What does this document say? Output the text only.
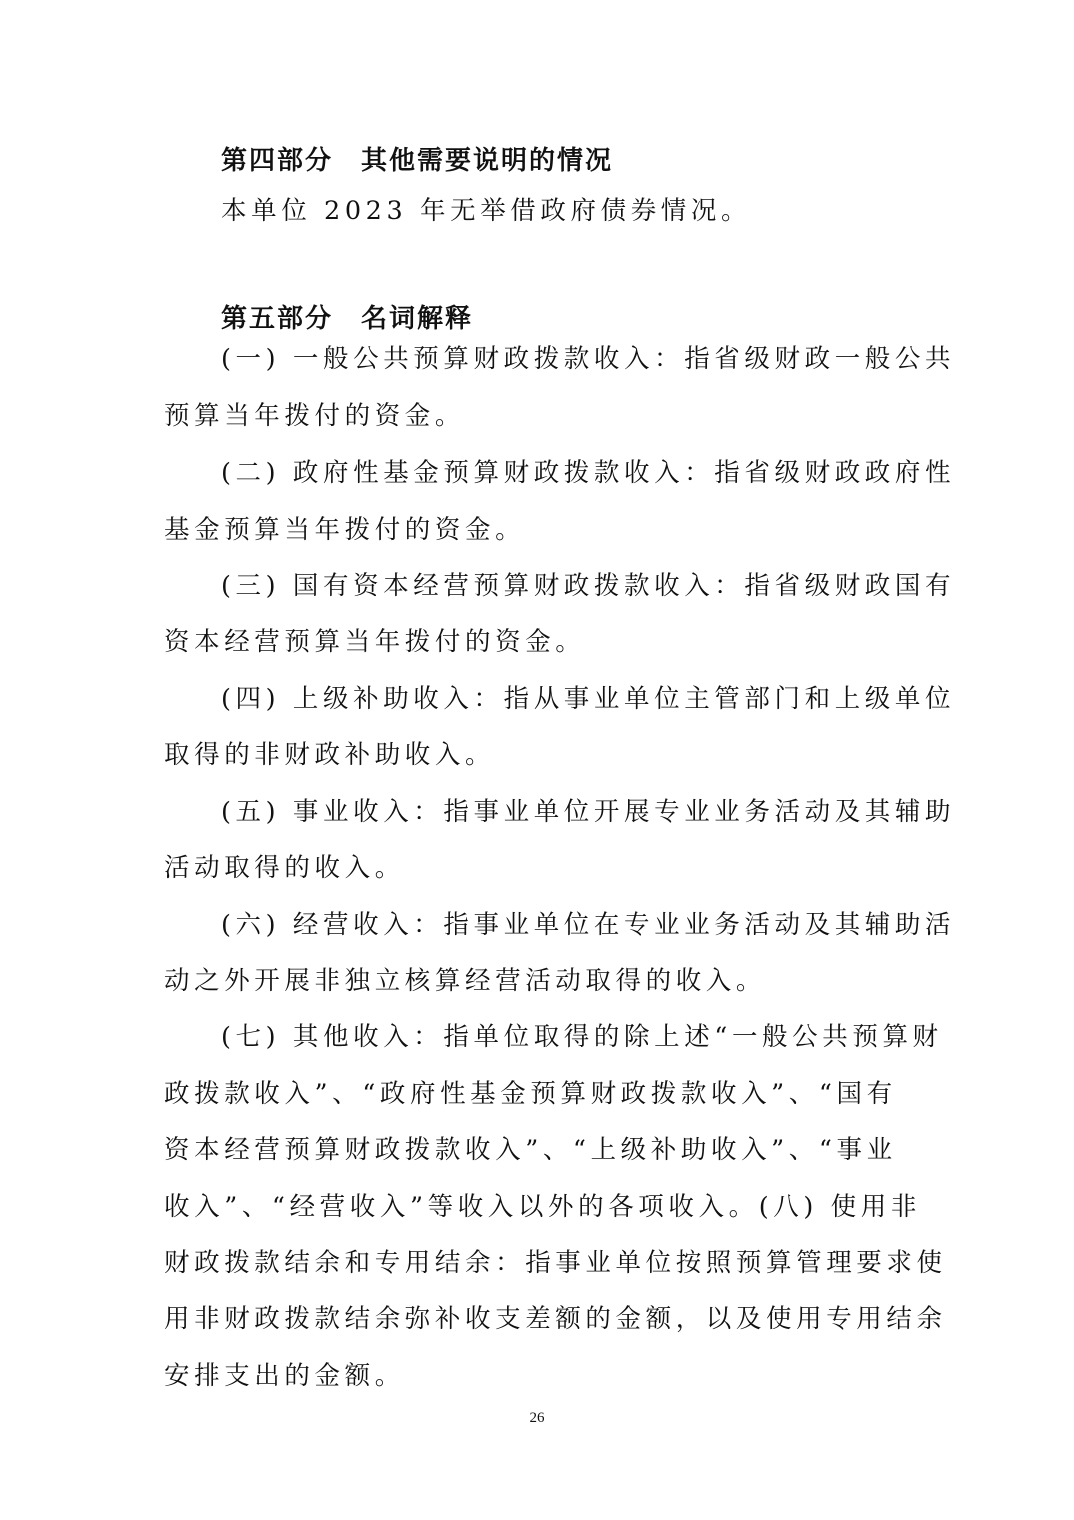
第四部分　其他需要说明的情况
本单位 2023 年无举借政府债券情况。
第五部分　名词解释
(一) 一般公共预算财政拨款收入：指省级财政一般公共
预算当年拨付的资金。
(二) 政府性基金预算财政拨款收入：指省级财政政府性
基金预算当年拨付的资金。
(三) 国有资本经营预算财政拨款收入：指省级财政国有
资本经营预算当年拨付的资金。
(四) 上级补助收入：指从事业单位主管部门和上级单位
取得的非财政补助收入。
(五) 事业收入：指事业单位开展专业业务活动及其辅助
活动取得的收入。
(六) 经营收入：指事业单位在专业业务活动及其辅助活
动之外开展非独立核算经营活动取得的收入。
(七) 其他收入：指单位取得的除上述“一般公共预算财
政拨款收入”、“政府性基金预算财政拨款收入”、“国有
资本经营预算财政拨款收入”、“上级补助收入”、“事业
收入”、“经营收入”等收入以外的各项收入。(八) 使用非
财政拨款结余和专用结余：指事业单位按照预算管理要求使
用非财政拨款结余弥补收支差额的金额，以及使用专用结余
安排支出的金额。
26
